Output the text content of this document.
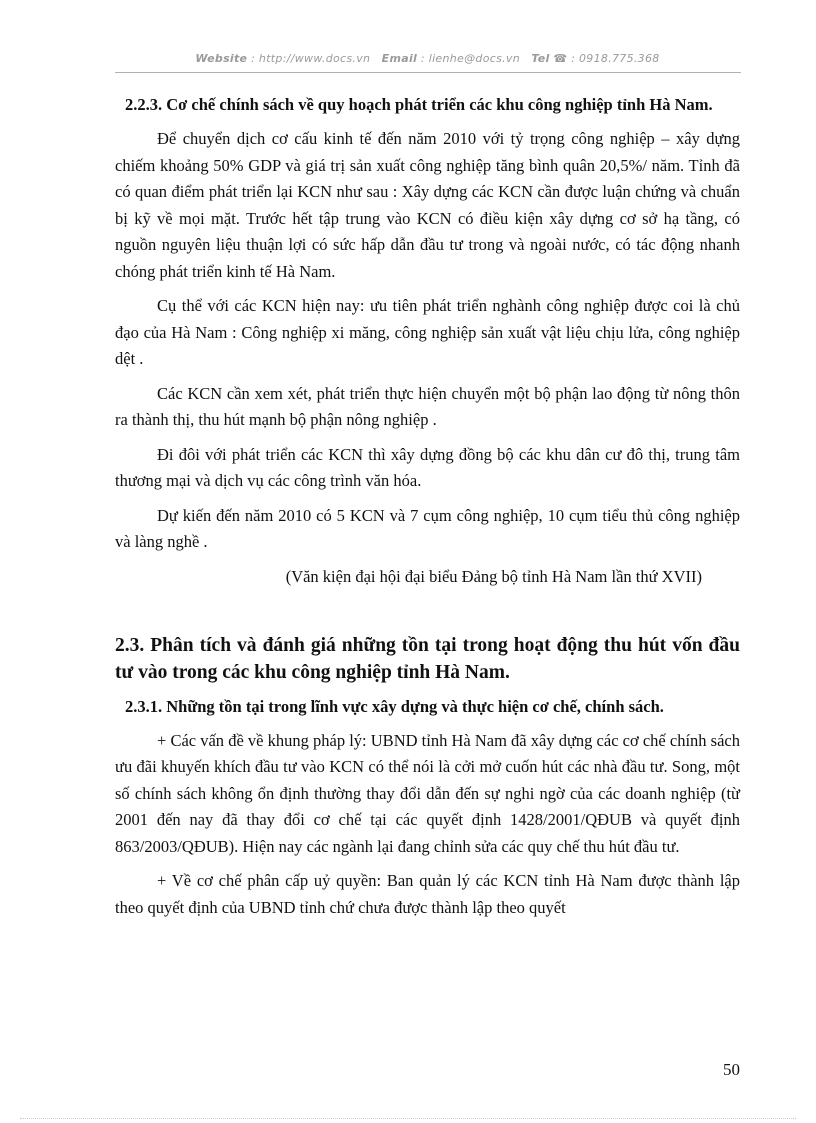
Website : http://www.docs.vn Email : lienhe@docs.vn Tel ☎ : 0918.775.368

2.2.3. Cơ chế chính sách về quy hoạch phát triển các khu công nghiệp tỉnh Hà Nam.

Để chuyển dịch cơ cấu kinh tế đến năm 2010 với tỷ trọng công nghiệp – xây dựng chiếm khoảng 50% GDP và giá trị sản xuất công nghiệp tăng bình quân 20,5%/ năm. Tỉnh đã có quan điểm phát triển lại KCN như sau : Xây dựng các KCN cần được luận chứng và chuẩn bị kỹ về mọi mặt. Trước hết tập trung vào KCN có điều kiện xây dựng cơ sở hạ tầng, có nguồn nguyên liệu thuận lợi có sức hấp dẫn đầu tư trong và ngoài nước, có tác động nhanh chóng phát triển kinh tế Hà Nam.

Cụ thể với các KCN hiện nay: ưu tiên phát triển nghành công nghiệp được coi là chủ đạo của Hà Nam : Công nghiệp xi măng, công nghiệp sản xuất vật liệu chịu lửa, công nghiệp dệt .

Các KCN cần xem xét, phát triển thực hiện chuyển một bộ phận lao động từ nông thôn ra thành thị, thu hút mạnh bộ phận nông nghiệp .

Đi đôi với phát triển các KCN thì xây dựng đồng bộ các khu dân cư đô thị, trung tâm thương mại và dịch vụ các công trình văn hóa.

Dự kiến đến năm 2010 có 5 KCN và 7 cụm công nghiệp, 10 cụm tiểu thủ công nghiệp và làng nghề .

(Văn kiện đại hội đại biểu Đảng bộ tỉnh Hà Nam lần thứ XVII)

2.3. Phân tích và đánh giá những tồn tại trong hoạt động thu hút vốn đầu tư vào trong các khu công nghiệp tỉnh Hà Nam.

2.3.1. Những tồn tại trong lĩnh vực xây dựng và thực hiện cơ chế, chính sách.

+ Các vấn đề về khung pháp lý: UBND tỉnh Hà Nam đã xây dựng các cơ chế chính sách ưu đãi khuyến khích đầu tư vào KCN có thể nói là cởi mở cuốn hút các nhà đầu tư. Song, một số chính sách không ổn định thường thay đổi dẫn đến sự nghi ngờ của các doanh nghiệp (từ 2001 đến nay đã thay đổi cơ chế tại các quyết định 1428/2001/QĐUB và quyết định 863/2003/QĐUB). Hiện nay các ngành lại đang chỉnh sửa các quy chế thu hút đầu tư.

+ Về cơ chế phân cấp uỷ quyền: Ban quản lý các KCN tỉnh Hà Nam được thành lập theo quyết định của UBND tỉnh chứ chưa được thành lập theo quyết

50
